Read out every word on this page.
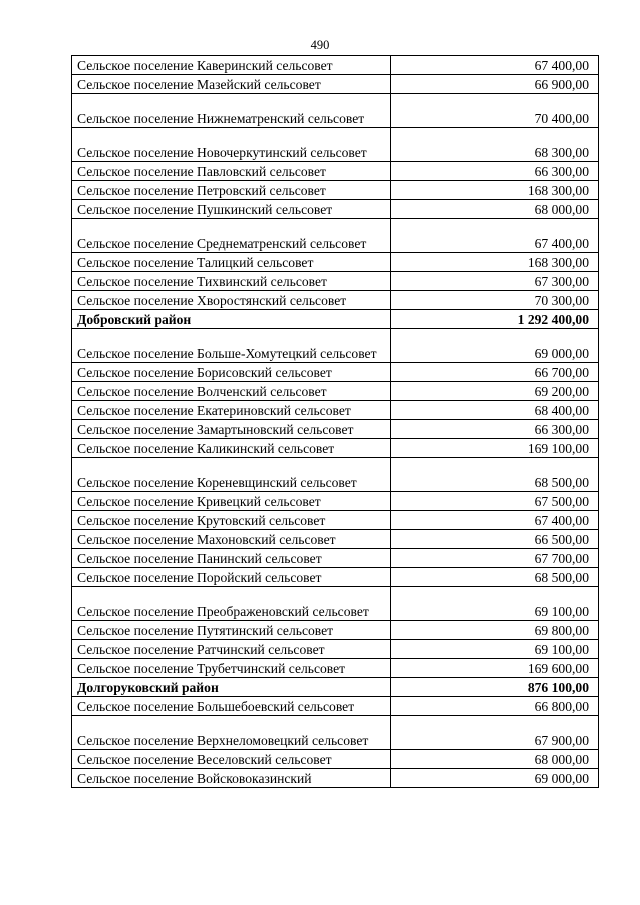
490
Сельское поселение Каверинский сельсовет	67 400,00
Сельское поселение Мазейский сельсовет	66 900,00
Сельское поселение Нижнематренский сельсовет	70 400,00
Сельское поселение Новочеркутинский сельсовет	68 300,00
Сельское поселение Павловский сельсовет	66 300,00
Сельское поселение Петровский сельсовет	168 300,00
Сельское поселение Пушкинский сельсовет	68 000,00
Сельское поселение Среднематренский сельсовет	67 400,00
Сельское поселение Талицкий сельсовет	168 300,00
Сельское поселение Тихвинский сельсовет	67 300,00
Сельское поселение Хворостянский сельсовет	70 300,00
Добровский район	1 292 400,00
Сельское поселение Больше-Хомутецкий сельсовет	69 000,00
Сельское поселение Борисовский сельсовет	66 700,00
Сельское поселение Волченский сельсовет	69 200,00
Сельское поселение Екатериновский сельсовет	68 400,00
Сельское поселение Замартыновский сельсовет	66 300,00
Сельское поселение Каликинский сельсовет	169 100,00
Сельское поселение Кореневщинский сельсовет	68 500,00
Сельское поселение Кривецкий сельсовет	67 500,00
Сельское поселение Крутовский сельсовет	67 400,00
Сельское поселение Махоновский сельсовет	66 500,00
Сельское поселение Панинский сельсовет	67 700,00
Сельское поселение Поройский сельсовет	68 500,00
Сельское поселение Преображеновский сельсовет	69 100,00
Сельское поселение Путятинский сельсовет	69 800,00
Сельское поселение Ратчинский сельсовет	69 100,00
Сельское поселение Трубетчинский сельсовет	169 600,00
Долгоруковский район	876 100,00
Сельское поселение Большебоевский сельсовет	66 800,00
Сельское поселение Верхнеломовецкий сельсовет	67 900,00
Сельское поселение Веселовский сельсовет	68 000,00
Сельское поселение Войсковоказинский	69 000,00
